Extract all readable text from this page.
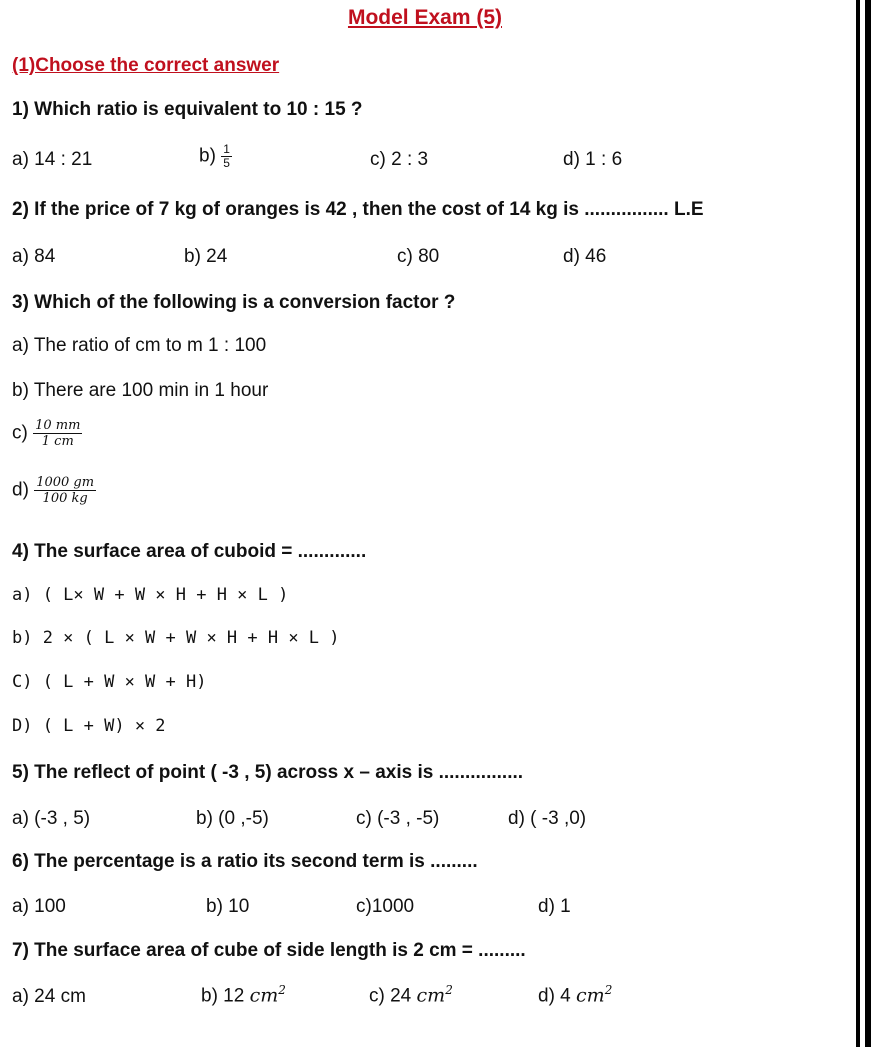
Model Exam (5)
(1)Choose the correct answer
1) Which ratio is equivalent to 10 : 15 ?
a) 14 : 21	$b) \frac{1}{5}$	c) 2 : 3	d) 1 : 6
2) If the price of 7 kg of oranges is 42 , then the cost of 14 kg is ................ L.E
a) 84	b) 24	c) 80	d) 46
3) Which of the following is a conversion factor ?
a) The ratio of cm to m 1 : 100
b) There are 100 min in 1 hour
$c) \frac{10 mm}{1 cm}$
$d) \frac{1000 gm}{100 kg}$
4) The surface area of cuboid = .............
a) ( L× W + W × H + H × L )
b) 2 × ( L × W + W × H + H × L )
C) ( L + W × W + H)
D) ( L + W) × 2
5) The reflect of point ( -3 , 5) across x – axis is ................
a) (-3 , 5)	b) (0 ,-5)	c) (-3 , -5)	d) ( -3 ,0)
6) The percentage is a ratio its second term is .........
a) 100	b) 10	c)1000	d) 1
7) The surface area of cube of side length is 2 cm = .........
a) 24 cm	b) 12 $cm^2$	c) 24 $cm^2$	d) 4 $cm^2$
